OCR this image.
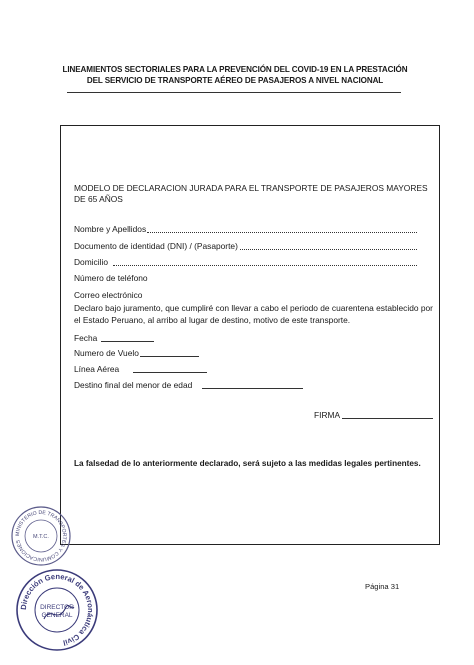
LINEAMIENTOS SECTORIALES PARA LA PREVENCIÓN DEL COVID-19 EN LA PRESTACIÓN
DEL SERVICIO DE TRANSPORTE AÉREO DE PASAJEROS A NIVEL NACIONAL
MODELO DE DECLARACION JURADA PARA EL TRANSPORTE DE PASAJEROS MAYORES DE 65 AÑOS
Nombre y Apellidos
Documento de identidad (DNI) / (Pasaporte)
Domicilio
Número de teléfono
Correo electrónico
Declaro bajo juramento, que cumpliré con llevar a cabo el periodo de cuarentena establecido por el Estado Peruano, al arribo al lugar de destino, motivo de este transporte.
Fecha
Numero de Vuelo
Línea Aérea
Destino final del menor de edad
FIRMA
La falsedad de lo anteriormente declarado, será sujeto a las medidas legales pertinentes.
MINISTERIO DE TRANSPORTES Y COMUNICACIONES
M.T.C.
Dirección General de Aeronáutica Civil
DIRECTOR
GENERAL
Página 31
